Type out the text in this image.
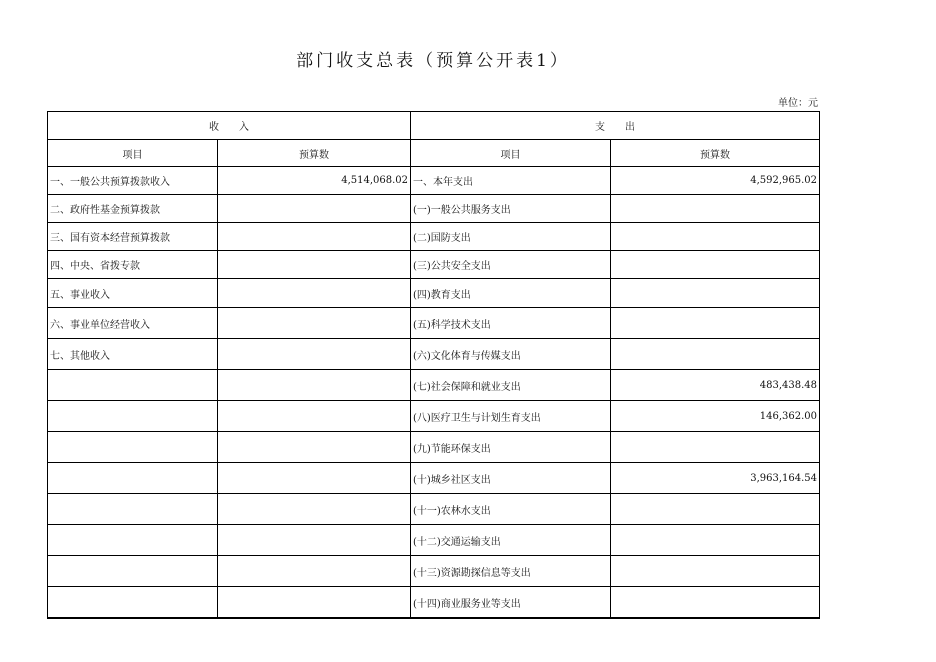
部门收支总表（预算公开表1）
单位：元
收　　入		支　　出	
项目	预算数	项目	预算数
一、一般公共预算拨款收入	4,514,068.02	一、本年支出	4,592,965.02
二、政府性基金预算拨款		(一)一般公共服务支出	
三、国有资本经营预算拨款		(二)国防支出	
四、中央、省拨专款		(三)公共安全支出	
五、事业收入		(四)教育支出	
六、事业单位经营收入		(五)科学技术支出	
七、其他收入		(六)文化体育与传媒支出	
		(七)社会保障和就业支出	483,438.48
		(八)医疗卫生与计划生育支出	146,362.00
		(九)节能环保支出	
		(十)城乡社区支出	3,963,164.54
		(十一)农林水支出	
		(十二)交通运输支出	
		(十三)资源勘探信息等支出	
		(十四)商业服务业等支出	
